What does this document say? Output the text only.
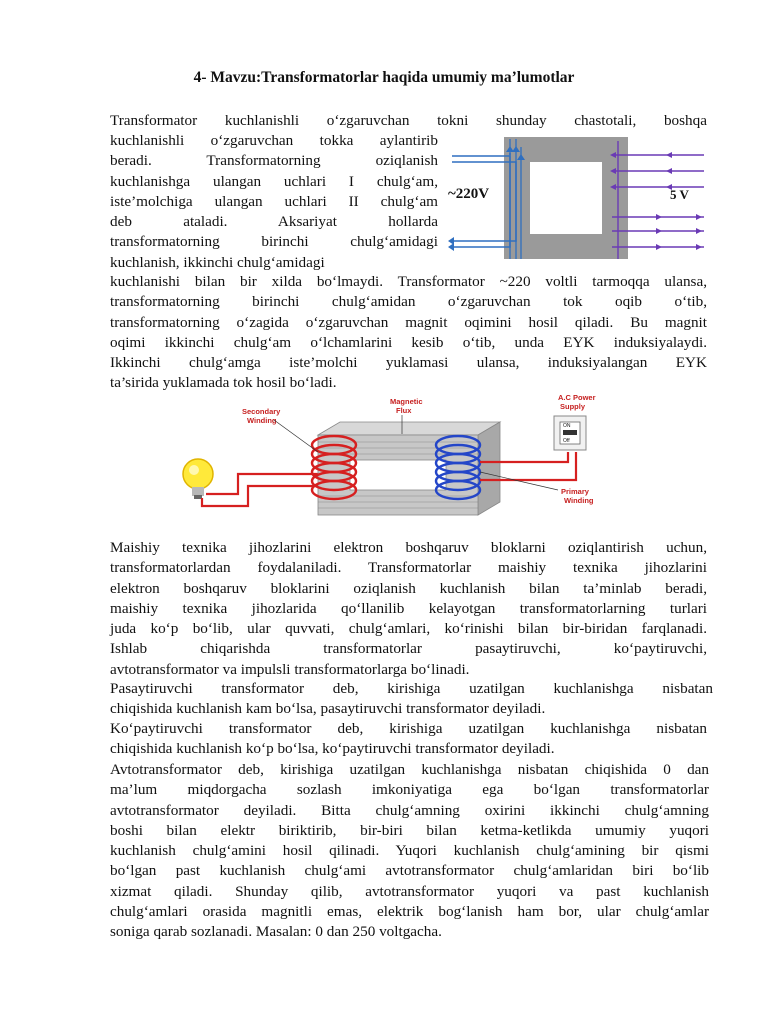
4- Mavzu:Transformatorlar haqida umumiy ma’lumotlar

Transformator kuchlanishli o‘zgaruvchan tokni shunday chastotali, boshqa

kuchlanishli o‘zgaruvchan tokka aylantirib
beradi. Transformatorning oziqlanish
kuchlanishga ulangan uchlari I chulg‘am,
iste’molchiga ulangan uchlari II chulg‘am
deb ataladi. Aksariyat hollarda
transformatorning birinchi chulg‘amidagi
kuchlanish, ikkinchi chulg‘amidagi

~220V	5 V

kuchlanishi bilan bir xilda bo‘lmaydi. Transformator ~220 voltli tarmoqqa ulansa,
transformatorning birinchi chulg‘amidan o‘zgaruvchan tok oqib o‘tib,
transformatorning o‘zagida o‘zgaruvchan magnit oqimini hosil qiladi. Bu magnit
oqimi ikkinchi chulg‘am o‘lchamlarini kesib o‘tib, unda EYK induksiyalaydi.
Ikkinchi chulg‘amga iste’molchi yuklamasi ulansa, induksiyalangan EYK
ta’sirida yuklamada tok hosil bo‘ladi.

ON
Off
Secondary Winding
Magnetic Flux
A.C Power Supply
Primary Winding

Maishiy texnika jihozlarini elektron boshqaruv bloklarni oziqlantirish uchun,
transformatorlardan foydalaniladi. Transformatorlar maishiy texnika jihozlarini
elektron boshqaruv bloklarini oziqlanish kuchlanish bilan ta’minlab beradi,
maishiy texnika jihozlarida qo‘llanilib kelayotgan transformatorlarning turlari
juda ko‘p bo‘lib, ular quvvati, chulg‘amlari, ko‘rinishi bilan bir-biridan farqlanadi.
Ishlab chiqarishda transformatorlar pasaytiruvchi, ko‘paytiruvchi,
avtotransformator va impulsli transformatorlarga bo‘linadi.

Pasaytiruvchi transformator deb, kirishiga uzatilgan kuchlanishga nisbatan
chiqishida kuchlanish kam bo‘lsa, pasaytiruvchi transformator deyiladi.

Ko‘paytiruvchi transformator deb, kirishiga uzatilgan kuchlanishga nisbatan
chiqishida kuchlanish ko‘p bo‘lsa, ko‘paytiruvchi transformator deyiladi.

Avtotransformator deb, kirishiga uzatilgan kuchlanishga nisbatan chiqishida 0 dan
ma’lum miqdorgacha sozlash imkoniyatiga ega bo‘lgan transformatorlar
avtotransformator deyiladi. Bitta chulg‘amning oxirini ikkinchi chulg‘amning
boshi bilan elektr biriktirib, bir-biri bilan ketma-ketlikda umumiy yuqori
kuchlanish chulg‘amini hosil qilinadi. Yuqori kuchlanish chulg‘amining bir qismi
bo‘lgan past kuchlanish chulg‘ami avtotransformator chulg‘amlaridan biri bo‘lib
xizmat qiladi. Shunday qilib, avtotransformator yuqori va past kuchlanish
chulg‘amlari orasida magnitli emas, elektrik bog‘lanish ham bor, ular chulg‘amlar
soniga qarab sozlanadi. Masalan: 0 dan 250 voltgacha.
